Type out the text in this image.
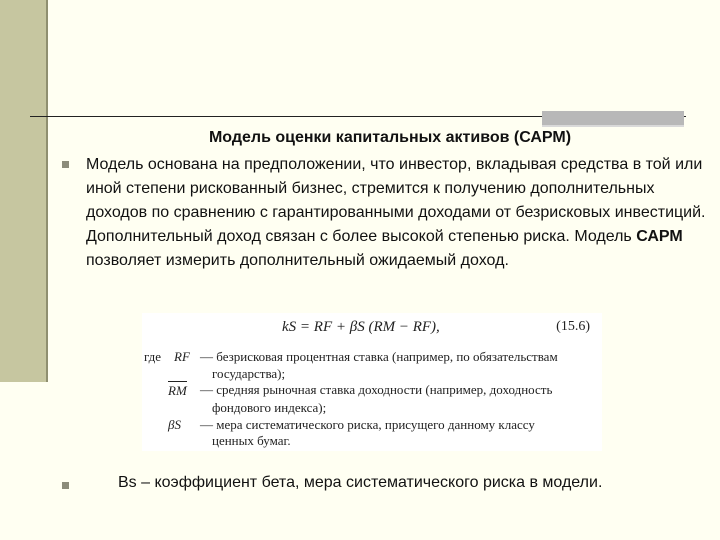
Модель оценки капитальных активов (САРМ)
Модель основана на предположении, что инвестор, вкладывая средства в той или иной степени рискованный бизнес, стремится к получению дополнительных доходов по сравнению с гарантированными доходами от безрисковых инвестиций. Дополнительный доход связан с более высокой степенью риска. Модель САРМ позволяет измерить дополнительный ожидаемый доход.
kS = RF + βS (RM − RF),	(15.6)
где RF — безрисковая процентная ставка (например, по обязательствам
государства);
RM — средняя рыночная ставка доходности (например, доходность
фондового индекса);
βS — мера систематического риска, присущего данному классу
ценных бумаг.
Bs – коэффициент бета, мера систематического риска в модели.
